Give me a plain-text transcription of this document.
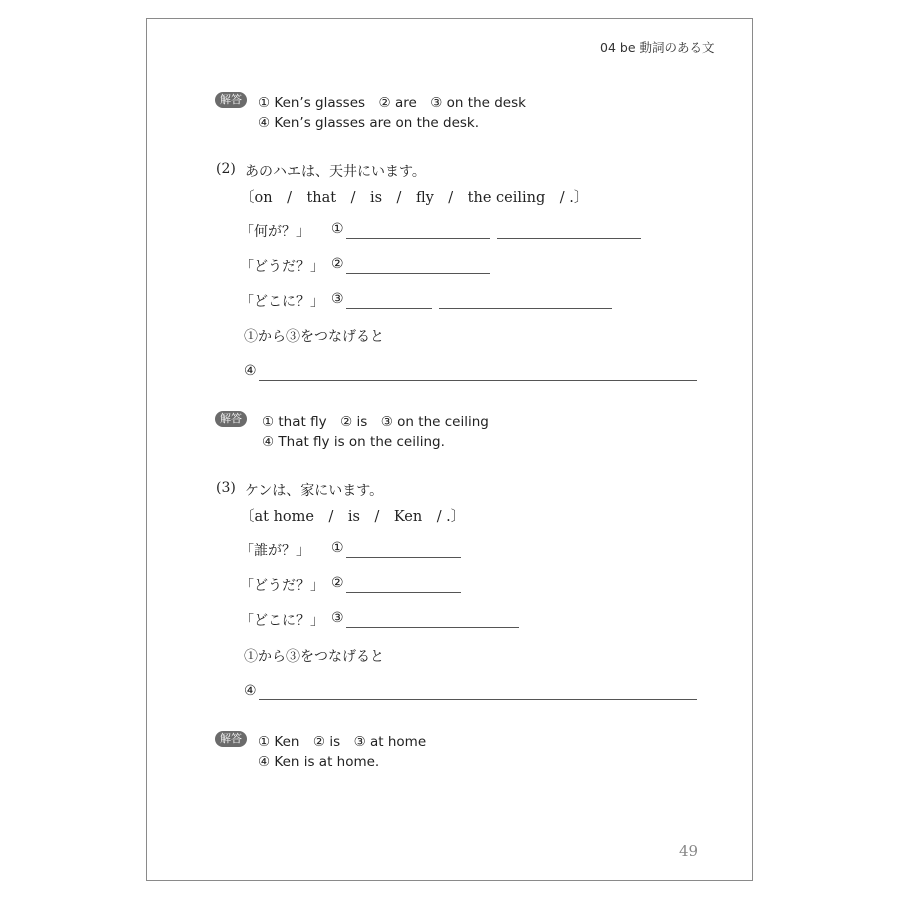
04 be 動詞のある文
解答	① Ken’s glasses　② are　③ on the desk
④ Ken’s glasses are on the desk.
(2) あのハエは、天井にいます。
〔on　/　that　/　is　/　fly　/　the ceiling　/ .〕
「何が？」 ①
「どうだ？」 ②
「どこに？」 ③
①から③をつなげると
④
解答	① that fly　② is　③ on the ceiling
④ That fly is on the ceiling.
(3) ケンは、家にいます。
〔at home　/　is　/　Ken　/ .〕
「誰が？」 ①
「どうだ？」 ②
「どこに？」 ③
①から③をつなげると
④
解答	① Ken　② is　③ at home
④ Ken is at home.
49
